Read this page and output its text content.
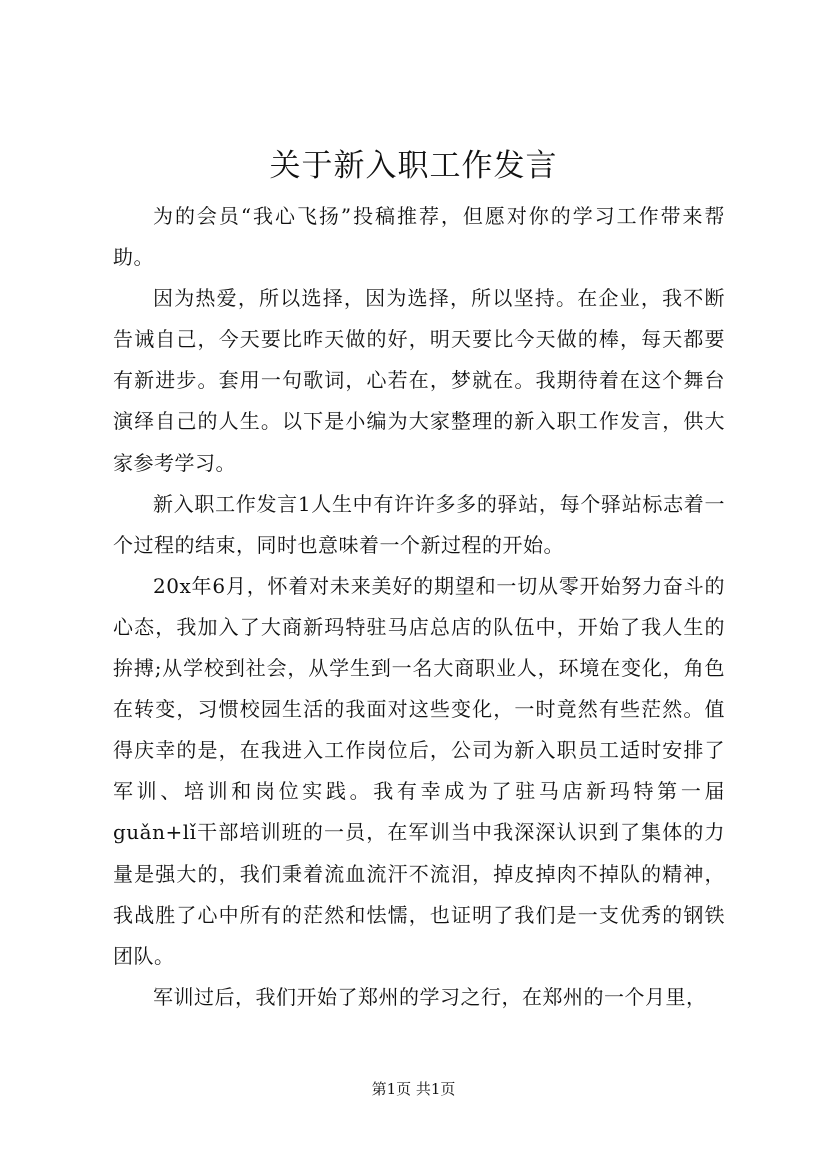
关于新入职工作发言

为的会员“我心飞扬”投稿推荐，但愿对你的学习工作带来帮助。

因为热爱，所以选择，因为选择，所以坚持。在企业，我不断告诫自己，今天要比昨天做的好，明天要比今天做的棒，每天都要有新进步。套用一句歌词，心若在，梦就在。我期待着在这个舞台演绎自己的人生。以下是小编为大家整理的新入职工作发言，供大家参考学习。

新入职工作发言1人生中有许许多多的驿站，每个驿站标志着一个过程的结束，同时也意味着一个新过程的开始。

20x年6月，怀着对未来美好的期望和一切从零开始努力奋斗的心态，我加入了大商新玛特驻马店总店的队伍中，开始了我人生的拚搏;从学校到社会，从学生到一名大商职业人，环境在变化，角色在转变，习惯校园生活的我面对这些变化，一时竟然有些茫然。值得庆幸的是，在我进入工作岗位后，公司为新入职员工适时安排了军训、培训和岗位实践。我有幸成为了驻马店新玛特第一届guǎn+lǐ干部培训班的一员，在军训当中我深深认识到了集体的力量是强大的，我们秉着流血流汗不流泪，掉皮掉肉不掉队的精神，我战胜了心中所有的茫然和怯懦，也证明了我们是一支优秀的钢铁团队。

军训过后，我们开始了郑州的学习之行，在郑州的一个月里，

第1页 共1页
